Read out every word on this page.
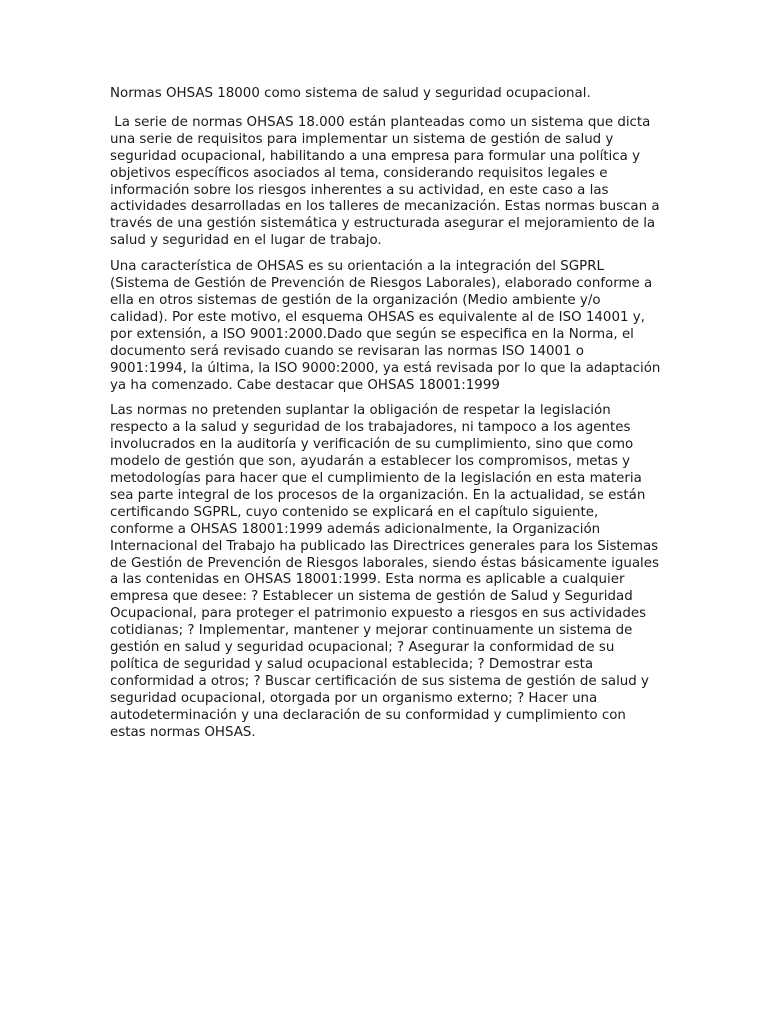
Normas OHSAS 18000 como sistema de salud y seguridad ocupacional.

La serie de normas OHSAS 18.000 están planteadas como un sistema que dicta una serie de requisitos para implementar un sistema de gestión de salud y seguridad ocupacional, habilitando a una empresa para formular una política y objetivos específicos asociados al tema, considerando requisitos legales e información sobre los riesgos inherentes a su actividad, en este caso a las actividades desarrolladas en los talleres de mecanización. Estas normas buscan a través de una gestión sistemática y estructurada asegurar el mejoramiento de la salud y seguridad en el lugar de trabajo.

Una característica de OHSAS es su orientación a la integración del SGPRL (Sistema de Gestión de Prevención de Riesgos Laborales), elaborado conforme a ella en otros sistemas de gestión de la organización (Medio ambiente y/o calidad). Por este motivo, el esquema OHSAS es equivalente al de ISO 14001 y, por extensión, a ISO 9001:2000.Dado que según se especifica en la Norma, el documento será revisado cuando se revisaran las normas ISO 14001 o 9001:1994, la última, la ISO 9000:2000, ya está revisada por lo que la adaptación ya ha comenzado. Cabe destacar que OHSAS 18001:1999

Las normas no pretenden suplantar la obligación de respetar la legislación respecto a la salud y seguridad de los trabajadores, ni tampoco a los agentes involucrados en la auditoría y verificación de su cumplimiento, sino que como modelo de gestión que son, ayudarán a establecer los compromisos, metas y metodologías para hacer que el cumplimiento de la legislación en esta materia sea parte integral de los procesos de la organización. En la actualidad, se están certificando SGPRL, cuyo contenido se explicará en el capítulo siguiente, conforme a OHSAS 18001:1999 además adicionalmente, la Organización Internacional del Trabajo ha publicado las Directrices generales para los Sistemas de Gestión de Prevención de Riesgos laborales, siendo éstas básicamente iguales a las contenidas en OHSAS 18001:1999. Esta norma es aplicable a cualquier empresa que desee: ? Establecer un sistema de gestión de Salud y Seguridad Ocupacional, para proteger el patrimonio expuesto a riesgos en sus actividades cotidianas; ? Implementar, mantener y mejorar continuamente un sistema de gestión en salud y seguridad ocupacional; ? Asegurar la conformidad de su política de seguridad y salud ocupacional establecida; ? Demostrar esta conformidad a otros; ? Buscar certificación de sus sistema de gestión de salud y seguridad ocupacional, otorgada por un organismo externo; ? Hacer una autodeterminación y una declaración de su conformidad y cumplimiento con estas normas OHSAS.
